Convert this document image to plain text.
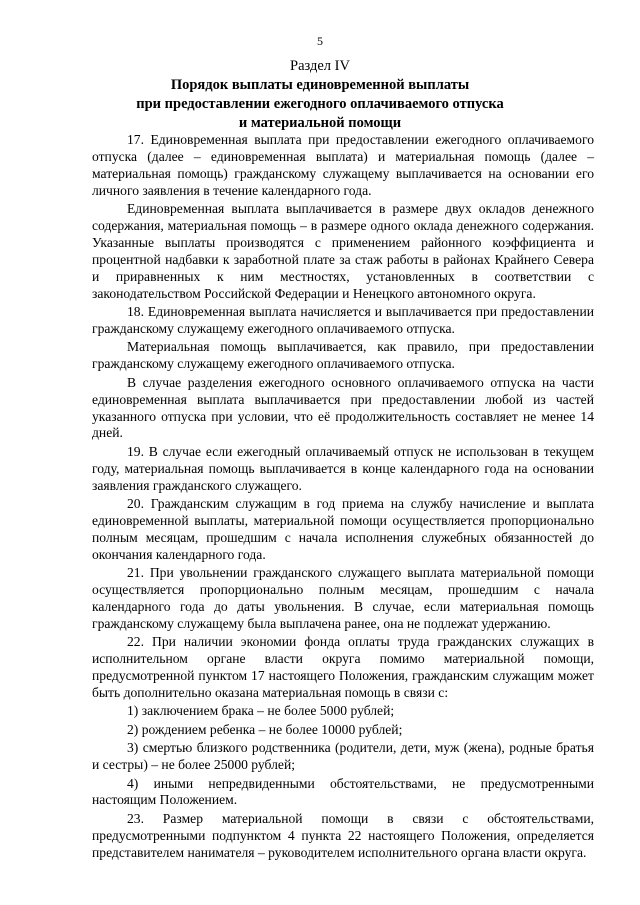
5
Раздел IV
Порядок выплаты единовременной выплаты
при предоставлении ежегодного оплачиваемого отпуска
и материальной помощи

17. Единовременная выплата при предоставлении ежегодного оплачиваемого отпуска (далее – единовременная выплата) и материальная помощь (далее – материальная помощь) гражданскому служащему выплачивается на основании его личного заявления в течение календарного года.

Единовременная выплата выплачивается в размере двух окладов денежного содержания, материальная помощь – в размере одного оклада денежного содержания. Указанные выплаты производятся с применением районного коэффициента и процентной надбавки к заработной плате за стаж работы в районах Крайнего Севера и приравненных к ним местностях, установленных в соответствии с законодательством Российской Федерации и Ненецкого автономного округа.

18. Единовременная выплата начисляется и выплачивается при предоставлении гражданскому служащему ежегодного оплачиваемого отпуска.

Материальная помощь выплачивается, как правило, при предоставлении гражданскому служащему ежегодного оплачиваемого отпуска.

В случае разделения ежегодного основного оплачиваемого отпуска на части единовременная выплата выплачивается при предоставлении любой из частей указанного отпуска при условии, что её продолжительность составляет не менее 14 дней.

19. В случае если ежегодный оплачиваемый отпуск не использован в текущем году, материальная помощь выплачивается в конце календарного года на основании заявления гражданского служащего.

20. Гражданским служащим в год приема на службу начисление и выплата единовременной выплаты, материальной помощи осуществляется пропорционально полным месяцам, прошедшим с начала исполнения служебных обязанностей до окончания календарного года.

21. При увольнении гражданского служащего выплата материальной помощи осуществляется пропорционально полным месяцам, прошедшим с начала календарного года до даты увольнения. В случае, если материальная помощь гражданскому служащему была выплачена ранее, она не подлежат удержанию.

22. При наличии экономии фонда оплаты труда гражданских служащих в исполнительном органе власти округа помимо материальной помощи, предусмотренной пунктом 17 настоящего Положения, гражданским служащим может быть дополнительно оказана материальная помощь в связи с:

1) заключением брака – не более 5000 рублей;

2) рождением ребенка – не более 10000 рублей;

3) смертью близкого родственника (родители, дети, муж (жена), родные братья и сестры) – не более 25000 рублей;

4) иными непредвиденными обстоятельствами, не предусмотренными настоящим Положением.

23. Размер материальной помощи в связи с обстоятельствами, предусмотренными подпунктом 4 пункта 22 настоящего Положения, определяется представителем нанимателя – руководителем исполнительного органа власти округа.
